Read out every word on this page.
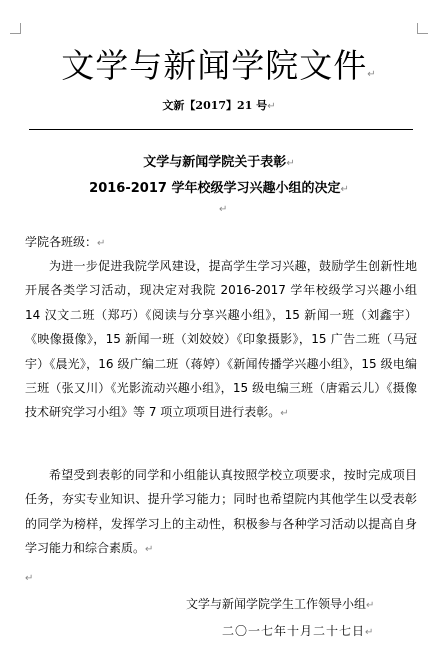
文学与新闻学院文件↵
文新【2017】21 号↵
文学与新闻学院关于表彰↵
2016-2017 学年校级学习兴趣小组的决定↵
↵
学院各班级：↵
为进一步促进我院学风建设，提高学生学习兴趣，鼓励学生创新性地开展各类学习活动，现决定对我院 2016-2017 学年校级学习兴趣小组 14 汉文二班（郑巧）《阅读与分享兴趣小组》，15 新闻一班（刘鑫宇）《映像摄像》，15 新闻一班（刘姣姣）《印象摄影》，15 广告二班（马冠宇）《晨光》，16 级广编二班（蒋婷）《新闻传播学兴趣小组》，15 级电编三班（张又川）《光影流动兴趣小组》，15 级电编三班（唐霜云儿）《摄像技术研究学习小组》等 7 项立项项目进行表彰。↵
希望受到表彰的同学和小组能认真按照学校立项要求，按时完成项目任务，夯实专业知识、提升学习能力；同时也希望院内其他学生以受表彰的同学为榜样，发挥学习上的主动性，积极参与各种学习活动以提高自身学习能力和综合素质。↵
↵
文学与新闻学院学生工作领导小组↵
二〇一七年十月二十七日↵
